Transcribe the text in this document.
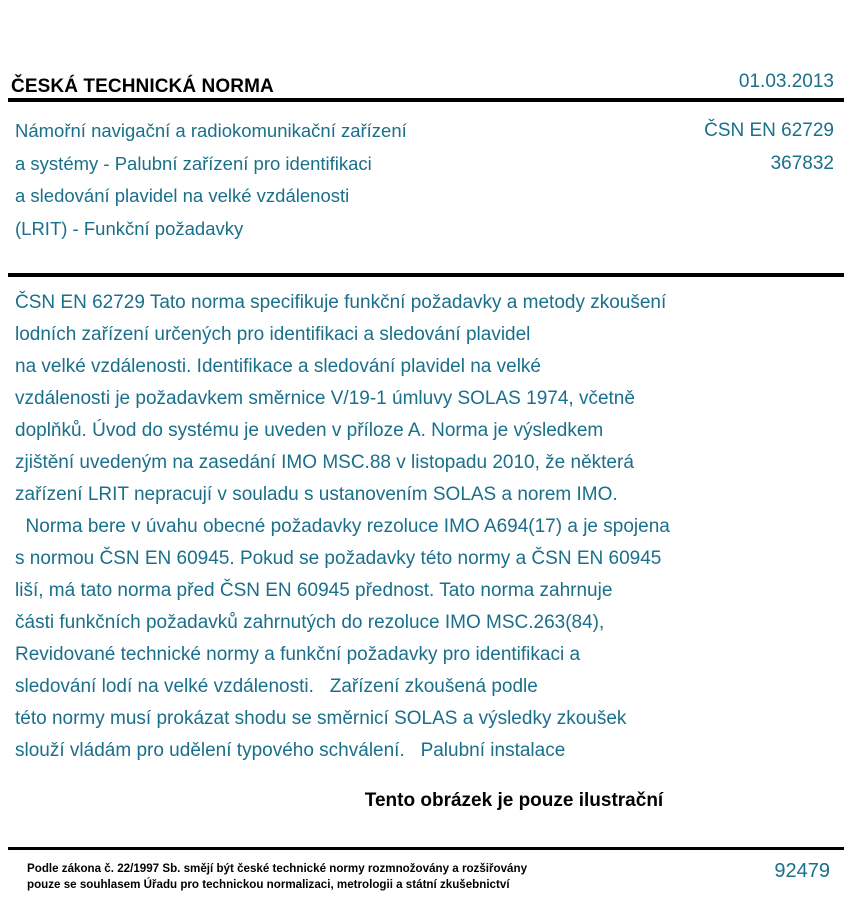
ČESKÁ TECHNICKÁ NORMA	01.03.2013
Námořní navigační a radiokomunikační zařízení
a systémy - Palubní zařízení pro identifikaci
a sledování plavidel na velké vzdálenosti
(LRIT) - Funkční požadavky
ČSN EN 62729
367832
ČSN EN 62729 Tato norma specifikuje funkční požadavky a metody zkoušení
lodních zařízení určených pro identifikaci a sledování plavidel
na velké vzdálenosti. Identifikace a sledování plavidel na velké
vzdálenosti je požadavkem směrnice V/19-1 úmluvy SOLAS 1974, včetně
doplňků. Úvod do systému je uveden v příloze A. Norma je výsledkem
zjištění uvedeným na zasedání IMO MSC.88 v listopadu 2010, že některá
zařízení LRIT nepracují v souladu s ustanovením SOLAS a norem IMO.
Norma bere v úvahu obecné požadavky rezoluce IMO A694(17) a je spojena
s normou ČSN EN 60945. Pokud se požadavky této normy a ČSN EN 60945
liší, má tato norma před ČSN EN 60945 přednost. Tato norma zahrnuje
části funkčních požadavků zahrnutých do rezoluce IMO MSC.263(84),
Revidované technické normy a funkční požadavky pro identifikaci a
sledování lodí na velké vzdálenosti.   Zařízení zkoušená podle
této normy musí prokázat shodu se směrnicí SOLAS a výsledky zkoušek
slouží vládám pro udělení typového schválení.   Palubní instalace
Tento obrázek je pouze ilustrační
Podle zákona č. 22/1997 Sb. smějí být české technické normy rozmnožovány a rozšiřovány
pouze se souhlasem Úřadu pro technickou normalizaci, metrologii a státní zkušebnictví
92479
